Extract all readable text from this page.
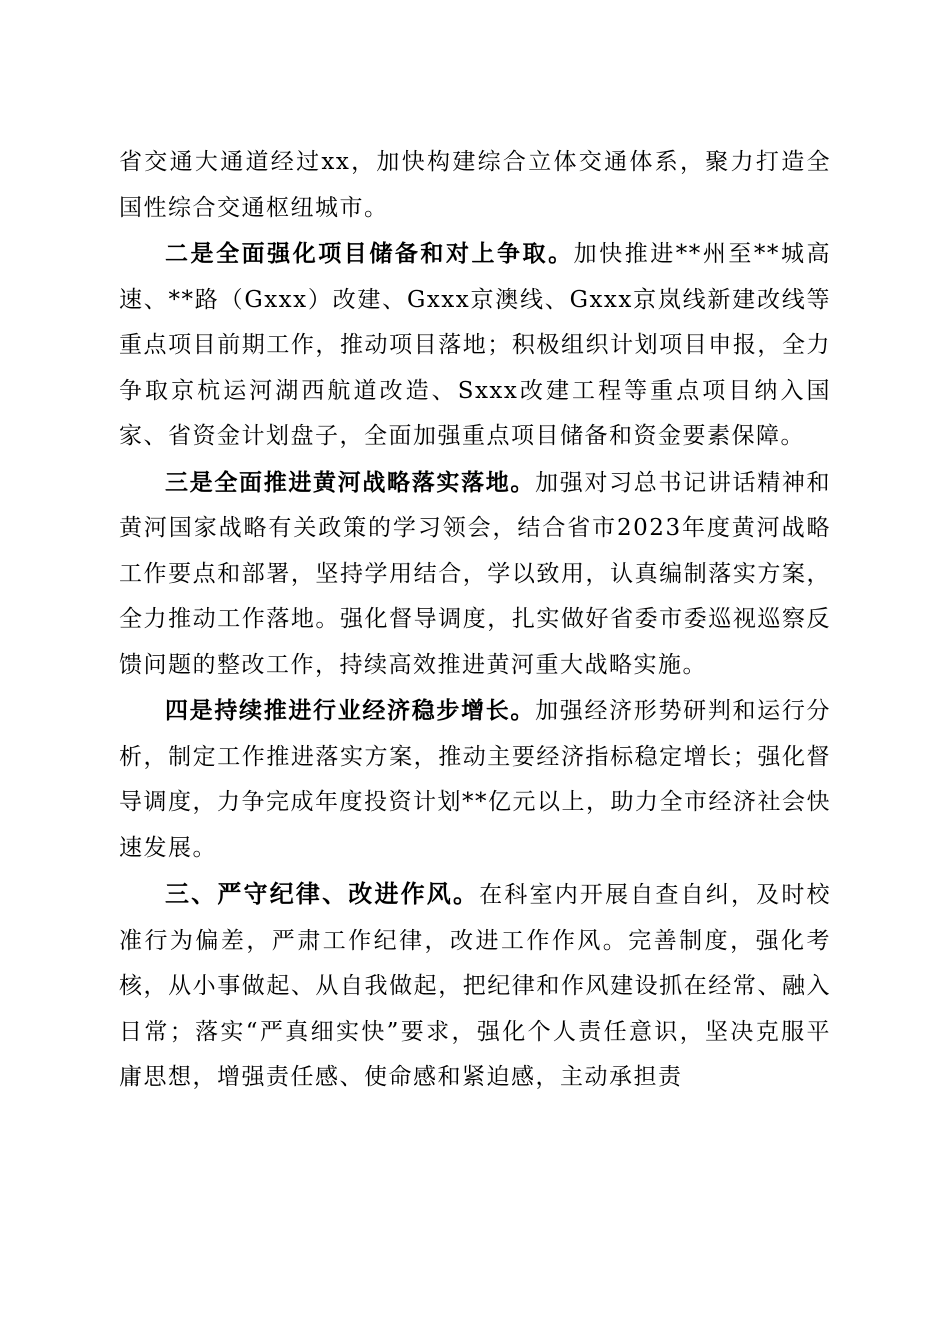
省交通大通道经过xx，加快构建综合立体交通体系，聚力打造全国性综合交通枢纽城市。

二是全面强化项目储备和对上争取。加快推进**州至**城高速、**路（Gxxx）改建、Gxxx京澳线、Gxxx京岚线新建改线等重点项目前期工作，推动项目落地；积极组织计划项目申报，全力争取京杭运河湖西航道改造、Sxxx改建工程等重点项目纳入国家、省资金计划盘子，全面加强重点项目储备和资金要素保障。

三是全面推进黄河战略落实落地。加强对习总书记讲话精神和黄河国家战略有关政策的学习领会，结合省市2023年度黄河战略工作要点和部署，坚持学用结合，学以致用，认真编制落实方案，全力推动工作落地。强化督导调度，扎实做好省委市委巡视巡察反馈问题的整改工作，持续高效推进黄河重大战略实施。

四是持续推进行业经济稳步增长。加强经济形势研判和运行分析，制定工作推进落实方案，推动主要经济指标稳定增长；强化督导调度，力争完成年度投资计划**亿元以上，助力全市经济社会快速发展。

三、严守纪律、改进作风。在科室内开展自查自纠，及时校准行为偏差，严肃工作纪律，改进工作作风。完善制度，强化考核，从小事做起、从自我做起，把纪律和作风建设抓在经常、融入日常；落实“严真细实快”要求，强化个人责任意识，坚决克服平庸思想，增强责任感、使命感和紧迫感，主动承担责
